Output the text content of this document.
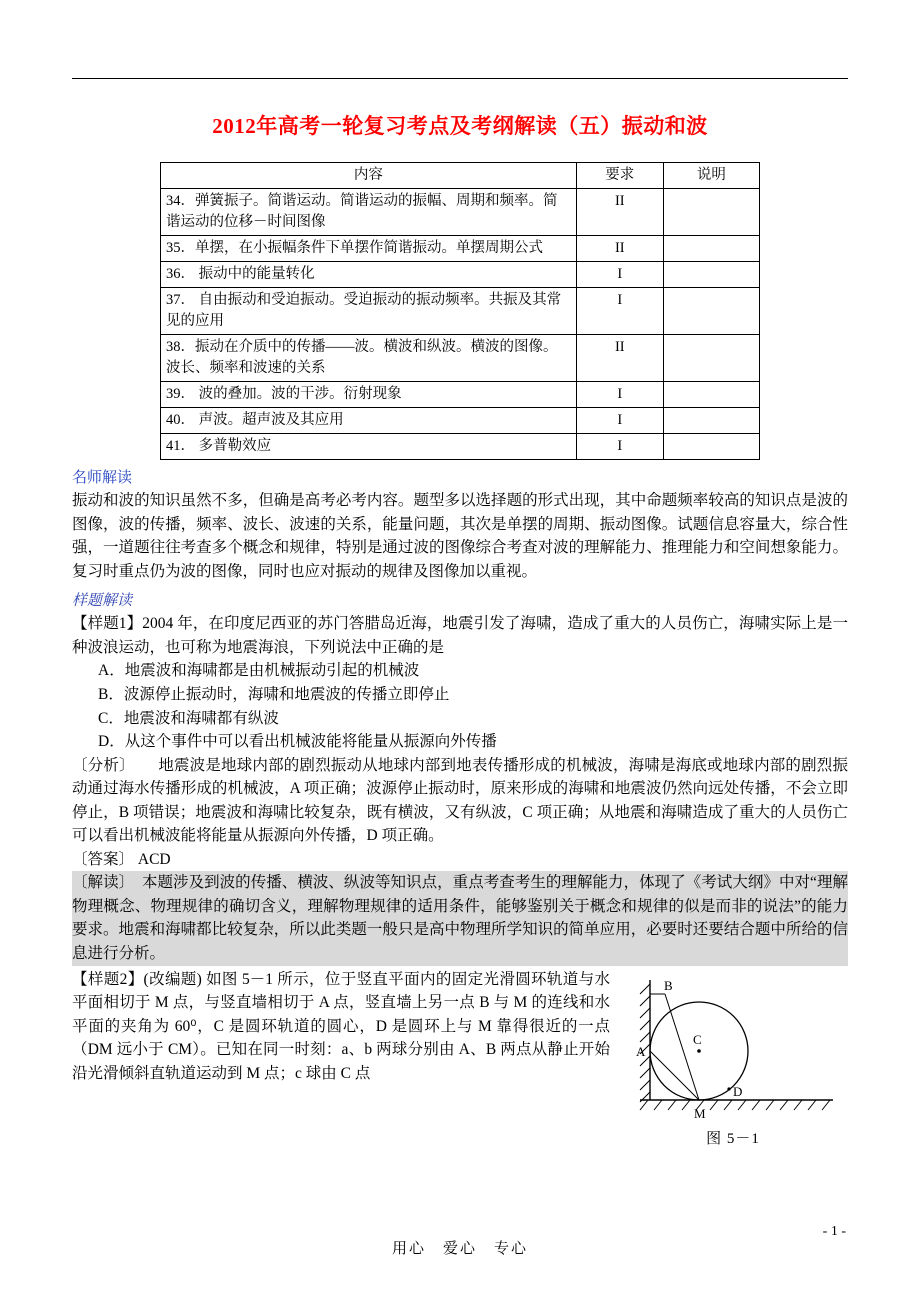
2012年高考一轮复习考点及考纲解读（五）振动和波
内容	要求	说明
34．弹簧振子。简谐运动。简谐运动的振幅、周期和频率。简谐运动的位移－时间图像	II	
35．单摆，在小振幅条件下单摆作简谐振动。单摆周期公式	II	
36． 振动中的能量转化	I	
37． 自由振动和受迫振动。受迫振动的振动频率。共振及其常见的应用	I	
38．振动在介质中的传播——波。横波和纵波。横波的图像。波长、频率和波速的关系	II	
39． 波的叠加。波的干涉。衍射现象	I	
40． 声波。超声波及其应用	I	
41． 多普勒效应	I	
名师解读

振动和波的知识虽然不多，但确是高考必考内容。题型多以选择题的形式出现，其中命题频率较高的知识点是波的图像，波的传播，频率、波长、波速的关系，能量问题，其次是单摆的周期、振动图像。试题信息容量大，综合性强，一道题往往考查多个概念和规律，特别是通过波的图像综合考查对波的理解能力、推理能力和空间想象能力。复习时重点仍为波的图像，同时也应对振动的规律及图像加以重视。

样题解读

【样题1】2004 年，在印度尼西亚的苏门答腊岛近海，地震引发了海啸，造成了重大的人员伤亡，海啸实际上是一种波浪运动，也可称为地震海浪，下列说法中正确的是

A．地震波和海啸都是由机械振动引起的机械波

B．波源停止振动时，海啸和地震波的传播立即停止

C．地震波和海啸都有纵波

D．从这个事件中可以看出机械波能将能量从振源向外传播

〔分析〕　　 地震波是地球内部的剧烈振动从地球内部到地表传播形成的机械波，海啸是海底或地球内部的剧烈振动通过海水传播形成的机械波，A 项正确；波源停止振动时，原来形成的海啸和地震波仍然向远处传播，不会立即停止，B 项错误；地震波和海啸比较复杂，既有横波，又有纵波，C 项正确；从地震和海啸造成了重大的人员伤亡可以看出机械波能将能量从振源向外传播，D 项正确。

〔答案〕 ACD

〔解读〕　 本题涉及到波的传播、横波、纵波等知识点，重点考查考生的理解能力，体现了《考试大纲》中对“理解物理概念、物理规律的确切含义，理解物理规律的适用条件，能够鉴别关于概念和规律的似是而非的说法”的能力要求。地震和海啸都比较复杂，所以此类题一般只是高中物理所学知识的简单应用，必要时还要结合题中所给的信息进行分析。

B
A
C
D
M
图 5－1

【样题2】(改编题) 如图 5－1 所示，位于竖直平面内的固定光滑圆环轨道与水平面相切于 M 点，与竖直墙相切于 A 点，竖直墙上另一点 B 与 M 的连线和水平面的夹角为 60⁰，C 是圆环轨道的圆心，D 是圆环上与 M 靠得很近的一点（DM 远小于 CM）。已知在同一时刻：a、b 两球分别由 A、B 两点从静止开始沿光滑倾斜直轨道运动到 M 点；c 球由 C 点

用心　爱心　专心
- 1 -
